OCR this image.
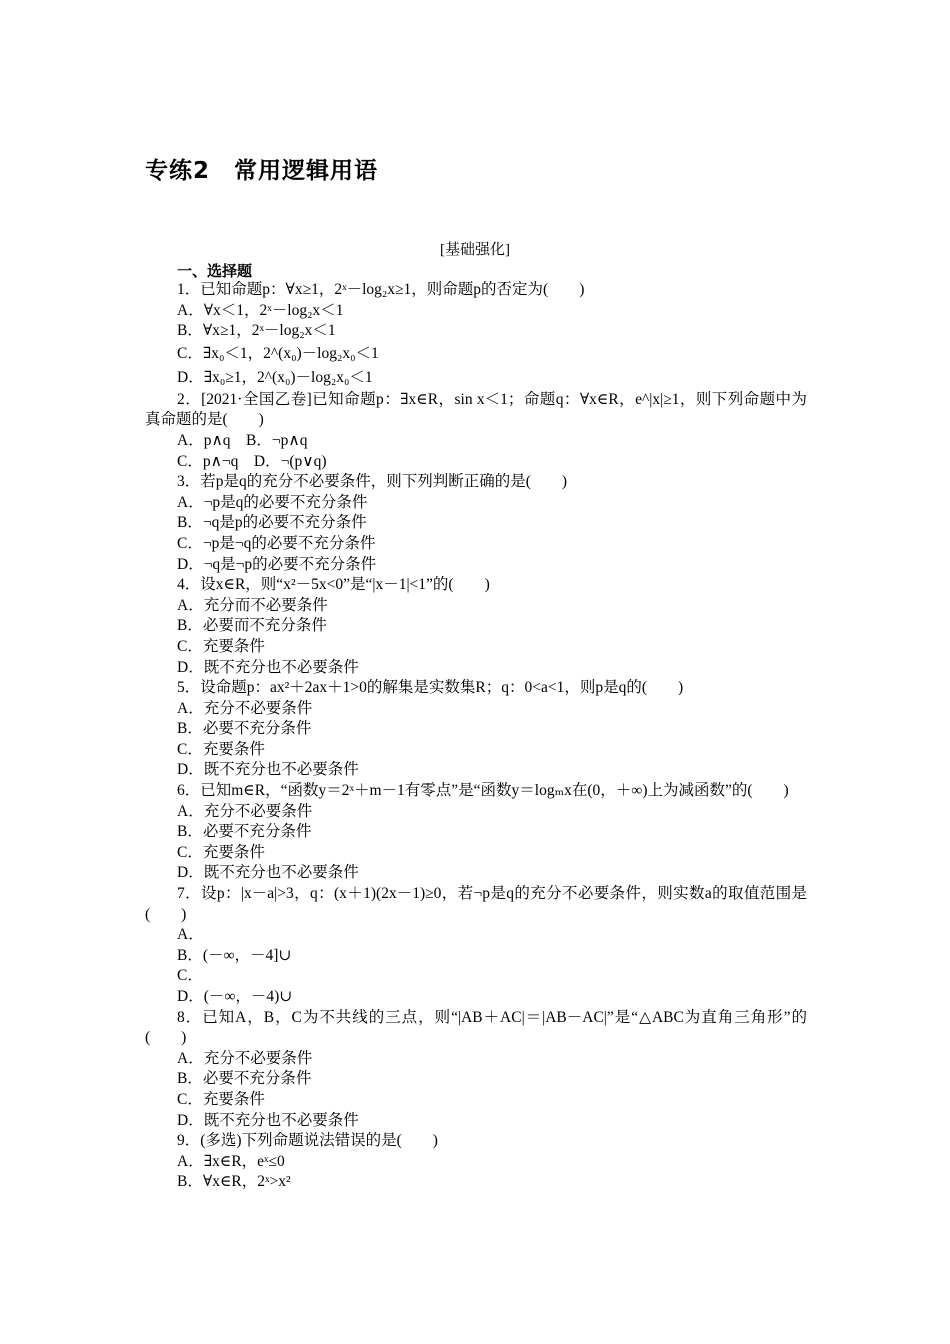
专练2　常用逻辑用语
[基础强化]
一、选择题

1．已知命题p：∀x≥1，2ˣ－log₂x≥1，则命题p的否定为(　　)

A．∀x＜1，2ˣ－log₂x＜1

B．∀x≥1，2ˣ－log₂x＜1

C．∃x₀＜1，2^(x₀)－log₂x₀＜1

D．∃x₀≥1，2^(x₀)－log₂x₀＜1

2．[2021·全国乙卷]已知命题p：∃x∈R，sin x＜1；命题q：∀x∈R，e^|x|≥1，则下列命题中为真命题的是(　　)

A．p∧q　B．¬p∧q

C．p∧¬q　D．¬(p∨q)

3．若p是q的充分不必要条件，则下列判断正确的是(　　)

A．¬p是q的必要不充分条件

B．¬q是p的必要不充分条件

C．¬p是¬q的必要不充分条件

D．¬q是¬p的必要不充分条件

4．设x∈R，则“x²－5x<0”是“|x－1|<1”的(　　)

A．充分而不必要条件

B．必要而不充分条件

C．充要条件

D．既不充分也不必要条件

5．设命题p：ax²＋2ax＋1>0的解集是实数集R；q：0<a<1，则p是q的(　　)

A．充分不必要条件

B．必要不充分条件

C．充要条件

D．既不充分也不必要条件

6．已知m∈R，“函数y＝2ˣ＋m－1有零点”是“函数y＝logₘx在(0，＋∞)上为减函数”的(　　)

A．充分不必要条件

B．必要不充分条件

C．充要条件

D．既不充分也不必要条件

7．设p：|x－a|>3，q：(x＋1)(2x－1)≥0，若¬p是q的充分不必要条件，则实数a的取值范围是(　　)

A．

B．(－∞，－4]∪

C．

D．(－∞，－4)∪

8．已知A，B，C为不共线的三点，则“|AB＋AC|＝|AB－AC|”是“△ABC为直角三角形”的(　　)

A．充分不必要条件

B．必要不充分条件

C．充要条件

D．既不充分也不必要条件

9．(多选)下列命题说法错误的是(　　)

A．∃x∈R，eˣ≤0

B．∀x∈R，2ˣ>x²
